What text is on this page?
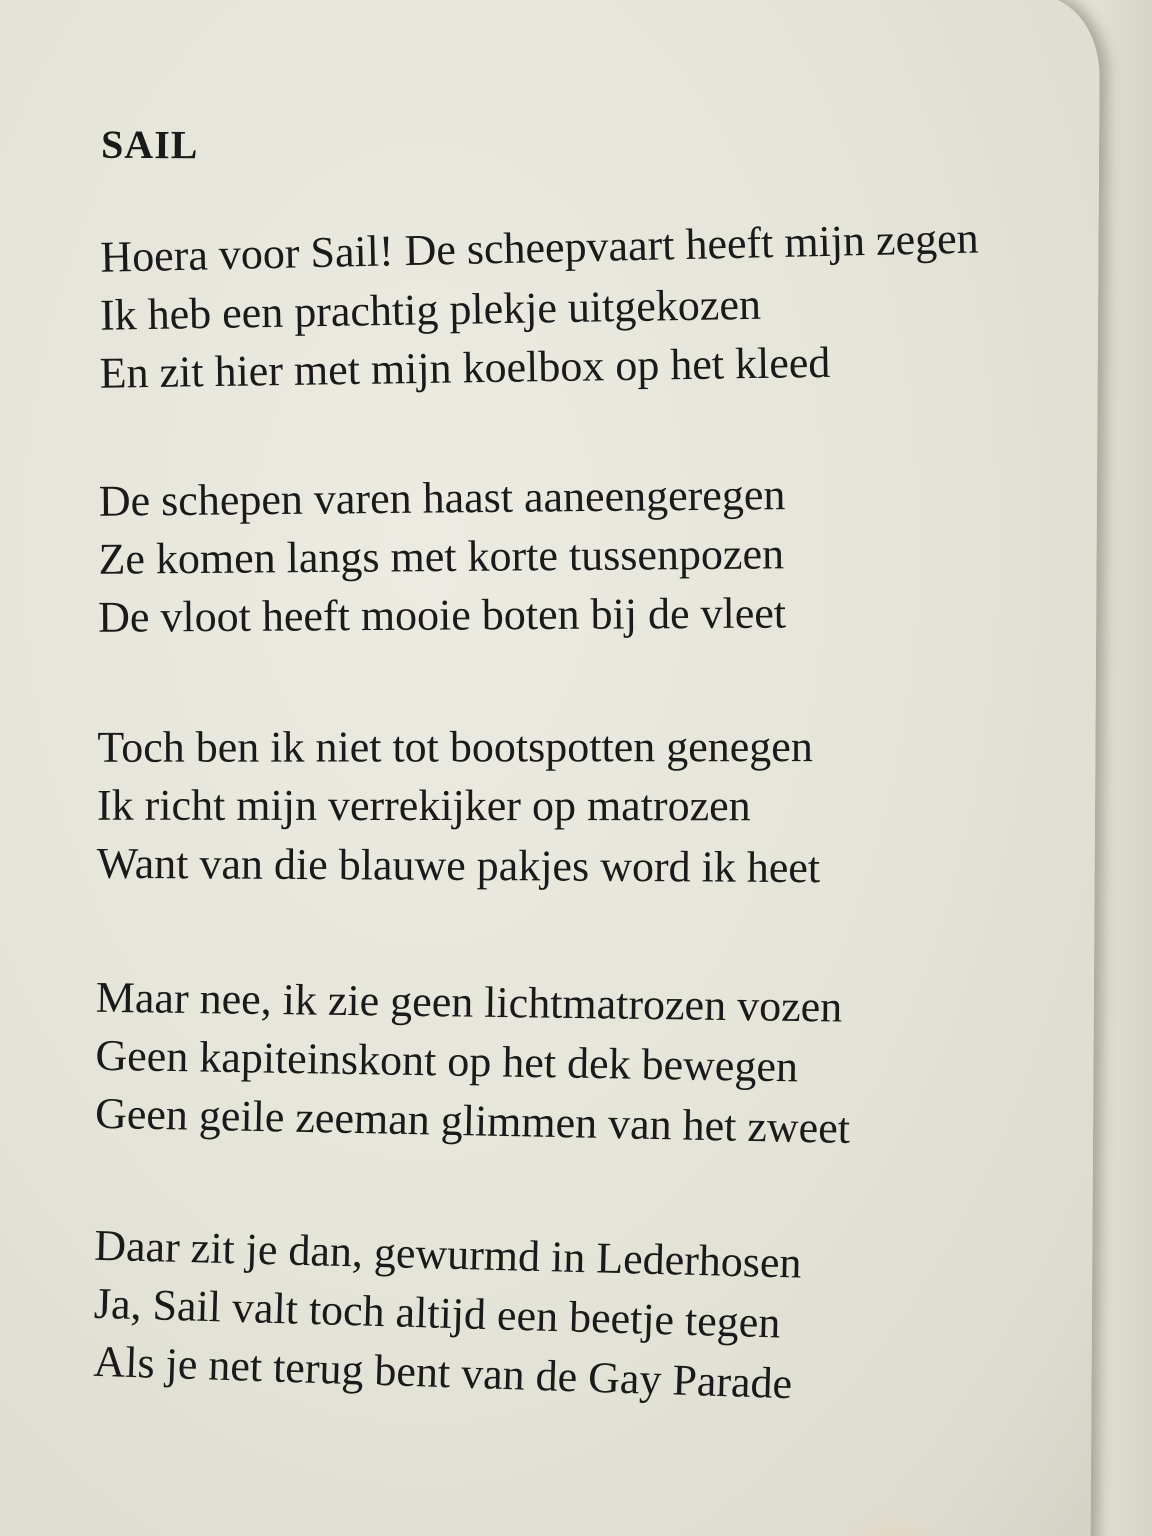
SAIL
Hoera voor Sail! De scheepvaart heeft mijn zegen
Ik heb een prachtig plekje uitgekozen
En zit hier met mijn koelbox op het kleed
De schepen varen haast aaneengeregen
Ze komen langs met korte tussenpozen
De vloot heeft mooie boten bij de vleet
Toch ben ik niet tot bootspotten genegen
Ik richt mijn verrekijker op matrozen
Want van die blauwe pakjes word ik heet
Maar nee, ik zie geen lichtmatrozen vozen
Geen kapiteinskont op het dek bewegen
Geen geile zeeman glimmen van het zweet
Daar zit je dan, gewurmd in Lederhosen
Ja, Sail valt toch altijd een beetje tegen
Als je net terug bent van de Gay Parade
